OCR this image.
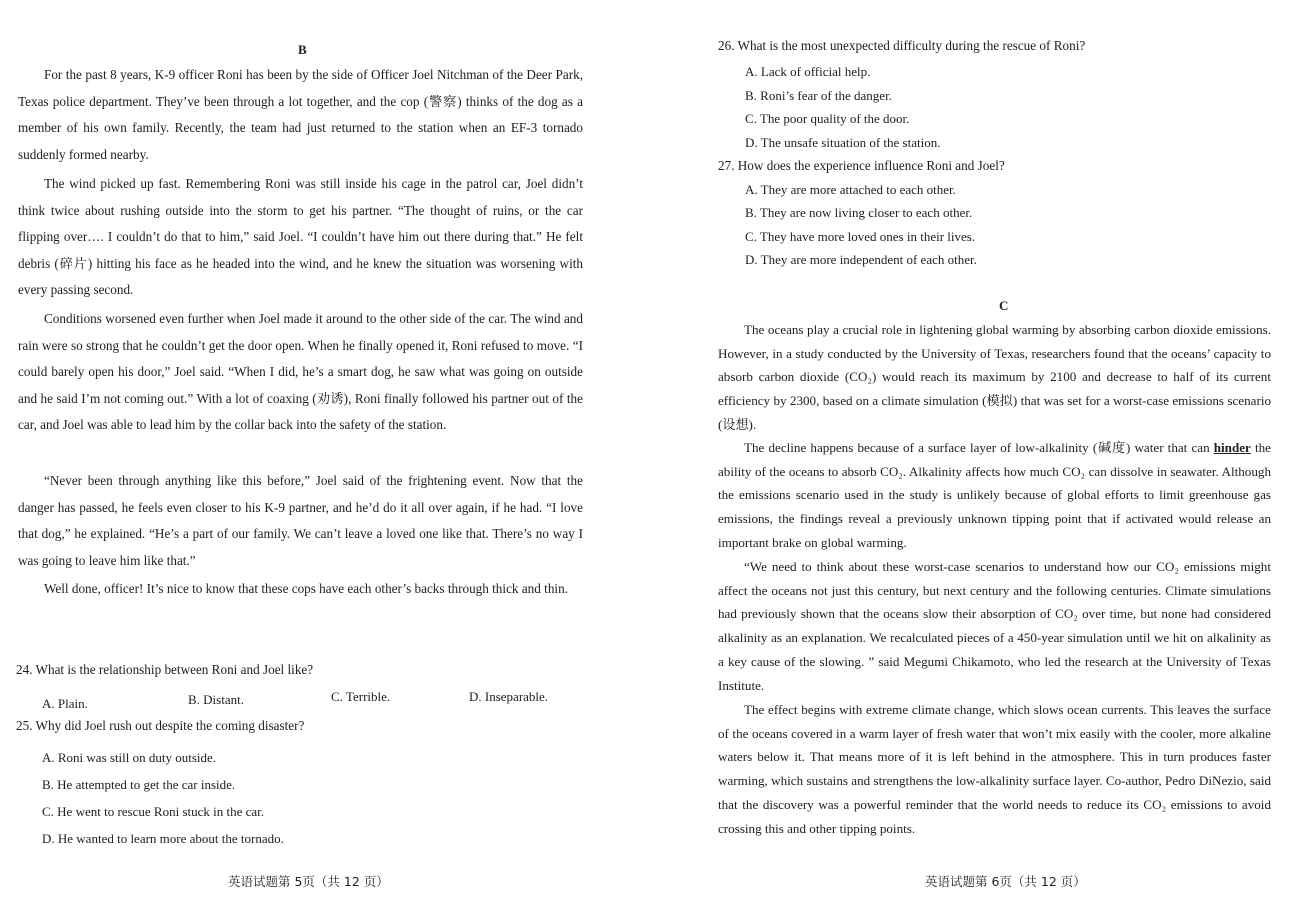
B

For the past 8 years, K-9 officer Roni has been by the side of Officer Joel Nitchman of the Deer Park, Texas police department. They’ve been through a lot together, and the cop (警察) thinks of the dog as a member of his own family. Recently, the team had just returned to the station when an EF-3 tornado suddenly formed nearby.

The wind picked up fast. Remembering Roni was still inside his cage in the patrol car, Joel didn’t think twice about rushing outside into the storm to get his partner. “The thought of ruins, or the car flipping over…. I couldn’t do that to him,” said Joel. “I couldn’t have him out there during that.” He felt debris (碎片) hitting his face as he headed into the wind, and he knew the situation was worsening with every passing second.

Conditions worsened even further when Joel made it around to the other side of the car. The wind and rain were so strong that he couldn’t get the door open. When he finally opened it, Roni refused to move. “I could barely open his door,” Joel said. “When I did, he’s a smart dog, he saw what was going on outside and he said I’m not coming out.” With a lot of coaxing (劝诱), Roni finally followed his partner out of the car, and Joel was able to lead him by the collar back into the safety of the station.

“Never been through anything like this before,” Joel said of the frightening event. Now that the danger has passed, he feels even closer to his K-9 partner, and he’d do it all over again, if he had. “I love that dog,” he explained. “He’s a part of our family. We can’t leave a loved one like that. There’s no way I was going to leave him like that.”

Well done, officer! It’s nice to know that these cops have each other’s backs through thick and thin.

24. What is the relationship between Roni and Joel like?
A. Plain.	B. Distant.	C. Terrible.	D. Inseparable.
25. Why did Joel rush out despite the coming disaster?
A. Roni was still on duty outside.
B. He attempted to get the car inside.
C. He went to rescue Roni stuck in the car.
D. He wanted to learn more about the tornado.
英语试题第 5页（共 12 页）
26. What is the most unexpected difficulty during the rescue of Roni?
A. Lack of official help.
B. Roni’s fear of the danger.
C. The poor quality of the door.
D. The unsafe situation of the station.
27. How does the experience influence Roni and Joel?
A. They are more attached to each other.
B. They are now living closer to each other.
C. They have more loved ones in their lives.
D. They are more independent of each other.
C

The oceans play a crucial role in lightening global warming by absorbing carbon dioxide emissions. However, in a study conducted by the University of Texas, researchers found that the oceans’ capacity to absorb carbon dioxide (CO₂) would reach its maximum by 2100 and decrease to half of its current efficiency by 2300, based on a climate simulation (模拟) that was set for a worst-case emissions scenario (设想).

The decline happens because of a surface layer of low-alkalinity (碱度) water that can hinder the ability of the oceans to absorb CO₂. Alkalinity affects how much CO₂ can dissolve in seawater. Although the emissions scenario used in the study is unlikely because of global efforts to limit greenhouse gas emissions, the findings reveal a previously unknown tipping point that if activated would release an important brake on global warming.

“We need to think about these worst-case scenarios to understand how our CO₂ emissions might affect the oceans not just this century, but next century and the following centuries. Climate simulations had previously shown that the oceans slow their absorption of CO₂ over time, but none had considered alkalinity as an explanation. We recalculated pieces of a 450-year simulation until we hit on alkalinity as a key cause of the slowing. ” said Megumi Chikamoto, who led the research at the University of Texas Institute.

The effect begins with extreme climate change, which slows ocean currents. This leaves the surface of the oceans covered in a warm layer of fresh water that won’t mix easily with the cooler, more alkaline waters below it. That means more of it is left behind in the atmosphere. This in turn produces faster warming, which sustains and strengthens the low-alkalinity surface layer. Co-author, Pedro DiNezio, said that the discovery was a powerful reminder that the world needs to reduce its CO₂ emissions to avoid crossing this and other tipping points.

英语试题第 6页（共 12 页）
